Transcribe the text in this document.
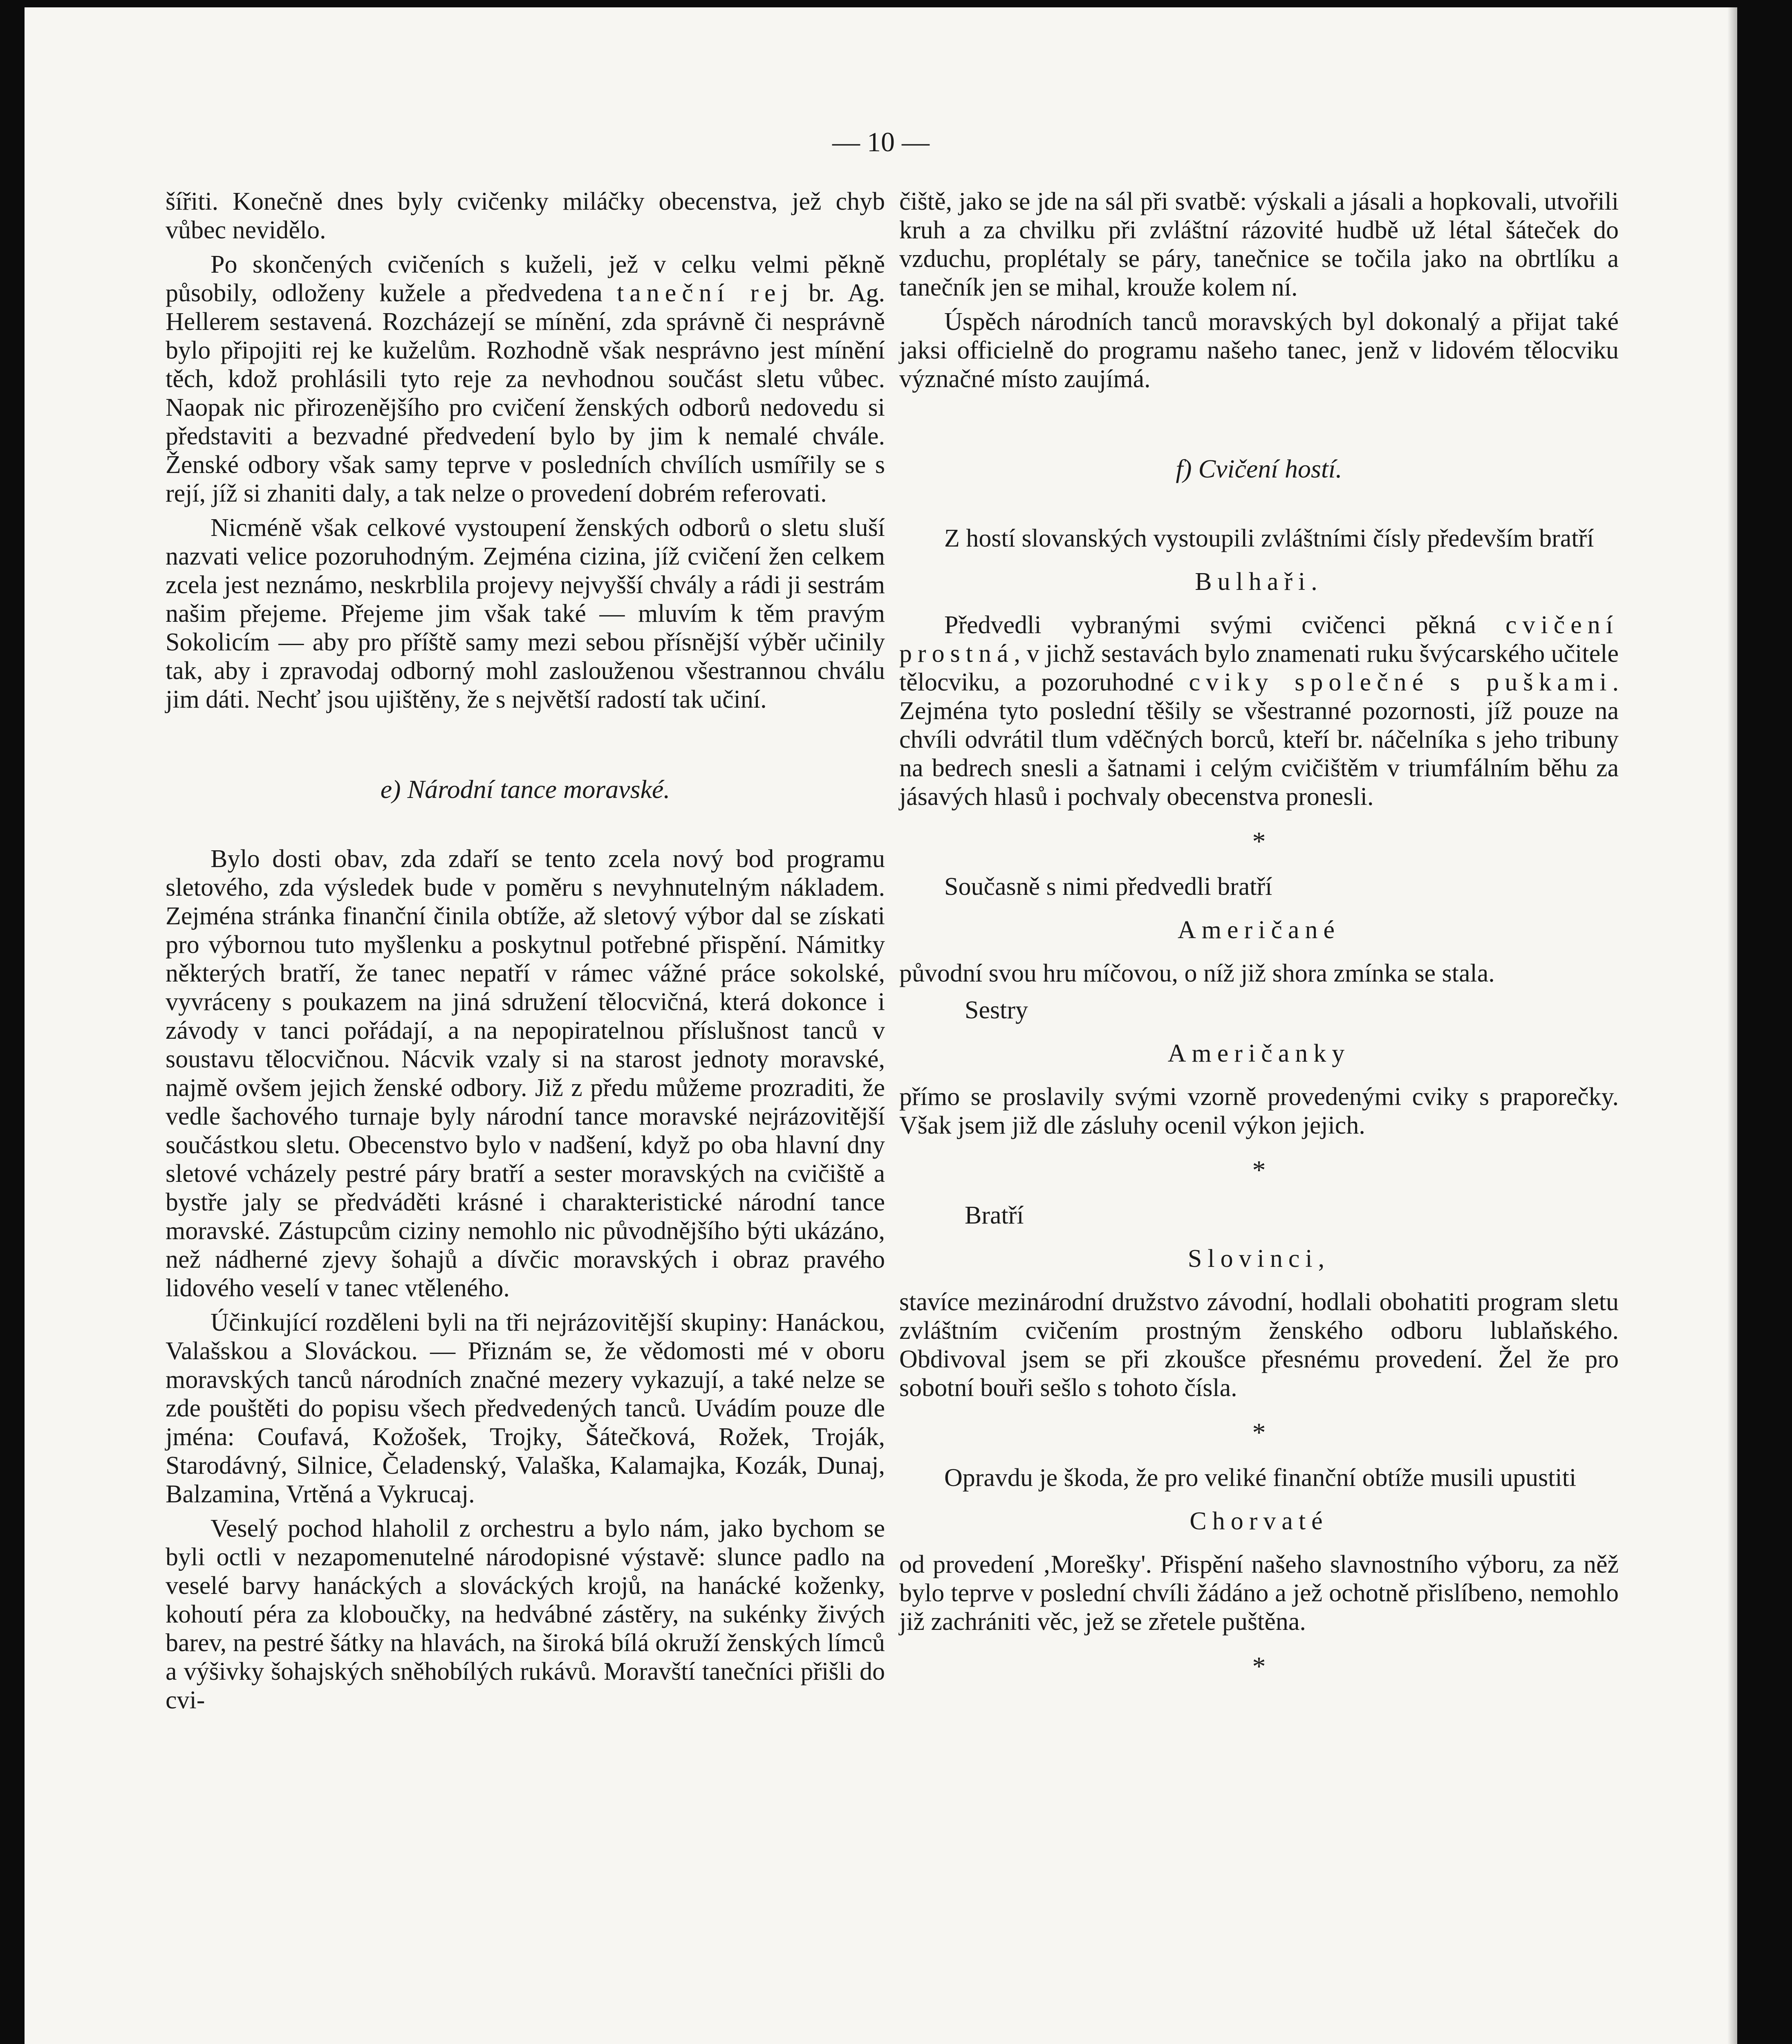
— 10 —

šířiti. Konečně dnes byly cvičenky miláčky obecenstva, jež chyb vůbec nevidělo.

Po skončených cvičeních s kuželi, jež v celku velmi pěkně působily, odloženy kužele a předvedena taneční rej br. Ag. Hellerem sestavená. Rozcházejí se mínění, zda správně či nesprávně bylo připojiti rej ke kuželům. Rozhodně však nesprávno jest mínění těch, kdož prohlásili tyto reje za nevhodnou součást sletu vůbec. Naopak nic přirozenějšího pro cvičení ženských odborů nedovedu si představiti a bezvadné předvedení bylo by jim k nemalé chvále. Ženské odbory však samy teprve v posledních chvílích usmířily se s rejí, jíž si zhaniti daly, a tak nelze o provedení dobrém referovati.

Nicméně však celkové vystoupení ženských odborů o sletu sluší nazvati velice pozoruhodným. Zejména cizina, jíž cvičení žen celkem zcela jest neznámo, neskrblila projevy nejvyšší chvály a rádi ji sestrám našim přejeme. Přejeme jim však také — mluvím k těm pravým Sokolicím — aby pro příště samy mezi sebou přísnější výběr učinily tak, aby i zpravodaj odborný mohl zaslouženou všestrannou chválu jim dáti. Nechť jsou ujištěny, že s největší radostí tak učiní.

e) Národní tance moravské.

Bylo dosti obav, zda zdaří se tento zcela nový bod programu sletového, zda výsledek bude v poměru s nevyhnutelným nákladem. Zejména stránka finanční činila obtíže, až sletový výbor dal se získati pro výbornou tuto myšlenku a poskytnul potřebné přispění. Námitky některých bratří, že tanec nepatří v rámec vážné práce sokolské, vyvráceny s poukazem na jiná sdružení tělocvičná, která dokonce i závody v tanci pořádají, a na nepopiratelnou příslušnost tanců v soustavu tělocvičnou. Nácvik vzaly si na starost jednoty moravské, najmě ovšem jejich ženské odbory. Již z předu můžeme prozraditi, že vedle šachového turnaje byly národní tance moravské nejrázovitější součástkou sletu. Obecenstvo bylo v nadšení, když po oba hlavní dny sletové vcházely pestré páry bratří a sester moravských na cvičiště a bystře jaly se předváděti krásné i charakteristické národní tance moravské. Zástupcům ciziny nemohlo nic původnějšího býti ukázáno, než nádherné zjevy šohajů a dívčic moravských i obraz pravého lidového veselí v tanec vtěleného.

Účinkující rozděleni byli na tři nejrázovitější skupiny: Hanáckou, Valašskou a Slováckou. — Přiznám se, že vědomosti mé v oboru moravských tanců národních značné mezery vykazují, a také nelze se zde pouštěti do popisu všech předvedených tanců. Uvádím pouze dle jména: Coufavá, Kožošek, Trojky, Šátečková, Rožek, Troják, Starodávný, Silnice, Čeladenský, Valaška, Kalamajka, Kozák, Dunaj, Balzamina, Vrtěná a Vykrucaj.

Veselý pochod hlaholil z orchestru a bylo nám, jako bychom se byli octli v nezapomenutelné národopisné výstavě: slunce padlo na veselé barvy hanáckých a slováckých krojů, na hanácké koženky, kohoutí péra za kloboučky, na hedvábné zástěry, na sukénky živých barev, na pestré šátky na hlavách, na široká bílá okruží ženských límců a výšivky šohajských sněhobílých rukávů. Moravští tanečníci přišli do cvi-

čiště, jako se jde na sál při svatbě: výskali a jásali a hopkovali, utvořili kruh a za chvilku při zvláštní rázovité hudbě už létal šáteček do vzduchu, proplétaly se páry, tanečnice se točila jako na obrtlíku a tanečník jen se mihal, krouže kolem ní.

Úspěch národních tanců moravských byl dokonalý a přijat také jaksi officielně do programu našeho tanec, jenž v lidovém tělocviku význačné místo zaujímá.

f) Cvičení hostí.

Z hostí slovanských vystoupili zvláštními čísly především bratří

Bulhaři.

Předvedli vybranými svými cvičenci pěkná cvičení prostná, v jichž sestavách bylo znamenati ruku švýcarského učitele tělocviku, a pozoruhodné cviky společné s puškami. Zejména tyto poslední těšily se všestranné pozornosti, jíž pouze na chvíli odvrátil tlum vděčných borců, kteří br. náčelníka s jeho tribuny na bedrech snesli a šatnami i celým cvičištěm v triumfálním běhu za jásavých hlasů i pochvaly obecenstva pronesli.

*

Současně s nimi předvedli bratří

Američané

původní svou hru míčovou, o níž již shora zmínka se stala.

Sestry
Američanky

přímo se proslavily svými vzorně provedenými cviky s praporečky. Však jsem již dle zásluhy ocenil výkon jejich.

*
Bratří
Slovinci,

stavíce mezinárodní družstvo závodní, hodlali obohatiti program sletu zvláštním cvičením prostným ženského odboru lublaňského. Obdivoval jsem se při zkoušce přesnému provedení. Žel že pro sobotní bouři sešlo s tohoto čísla.

*

Opravdu je škoda, že pro veliké finanční obtíže musili upustiti

Chorvaté

od provedení ‚Morešky'. Přispění našeho slavnostního výboru, za něž bylo teprve v poslední chvíli žádáno a jež ochotně přislíbeno, nemohlo již zachrániti věc, jež se zřetele puštěna.

*
